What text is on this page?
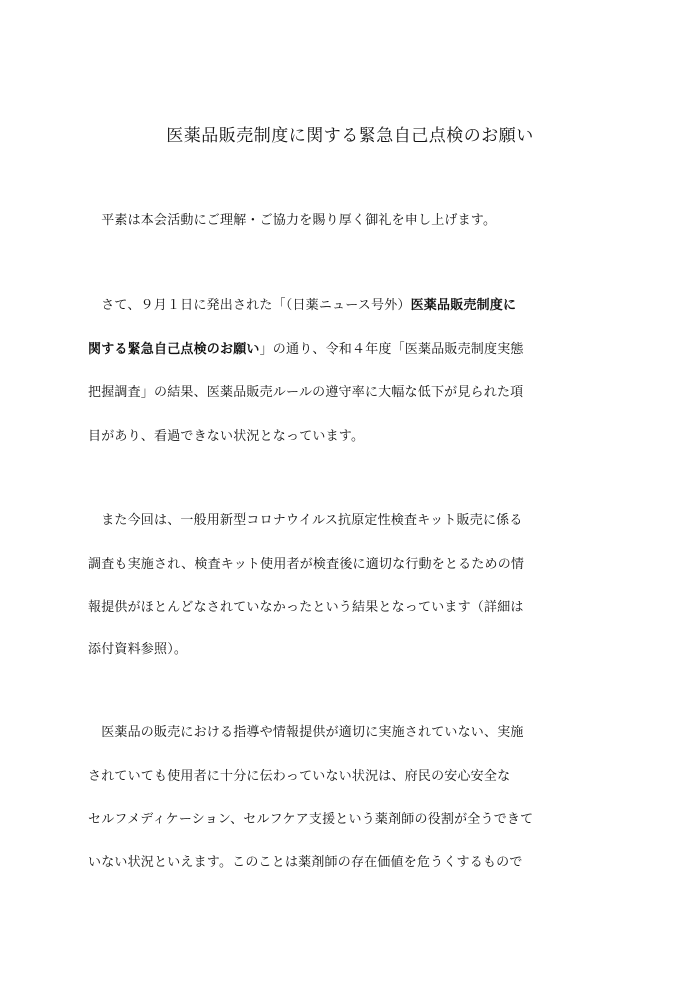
医薬品販売制度に関する緊急自己点検のお願い
　平素は本会活動にご理解・ご協力を賜り厚く御礼を申し上げます。
　さて、９月１日に発出された「（日薬ニュース号外）医薬品販売制度に
関する緊急自己点検のお願い」の通り、令和４年度「医薬品販売制度実態
把握調査」の結果、医薬品販売ルールの遵守率に大幅な低下が見られた項
目があり、看過できない状況となっています。
　また今回は、一般用新型コロナウイルス抗原定性検査キット販売に係る
調査も実施され、検査キット使用者が検査後に適切な行動をとるための情
報提供がほとんどなされていなかったという結果となっています（詳細は
添付資料参照）。
　医薬品の販売における指導や情報提供が適切に実施されていない、実施
されていても使用者に十分に伝わっていない状況は、府民の安心安全な
セルフメディケーション、セルフケア支援という薬剤師の役割が全うできて
いない状況といえます。このことは薬剤師の存在価値を危うくするもので
